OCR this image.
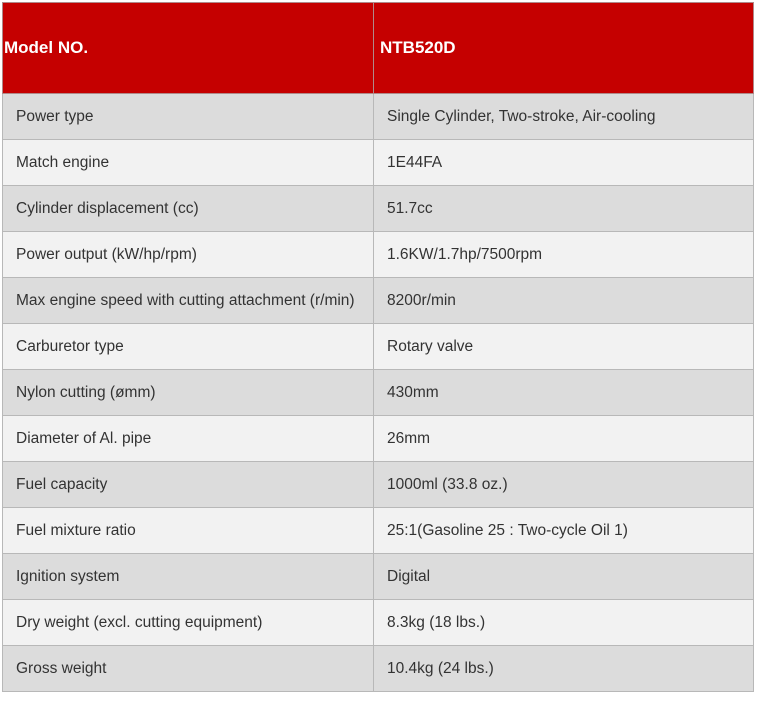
Model NO.	NTB520D
Power type	Single Cylinder, Two-stroke, Air-cooling
Match engine	1E44FA
Cylinder displacement (cc)	51.7cc
Power output (kW/hp/rpm)	1.6KW/1.7hp/7500rpm
Max engine speed with cutting attachment (r/min)	8200r/min
Carburetor type	Rotary valve
Nylon cutting (ømm)	430mm
Diameter of Al. pipe	26mm
Fuel capacity	1000ml (33.8 oz.)
Fuel mixture ratio	25:1(Gasoline 25 : Two-cycle Oil 1)
Ignition system	Digital
Dry weight (excl. cutting equipment)	8.3kg (18 lbs.)
Gross weight	10.4kg (24 lbs.)
